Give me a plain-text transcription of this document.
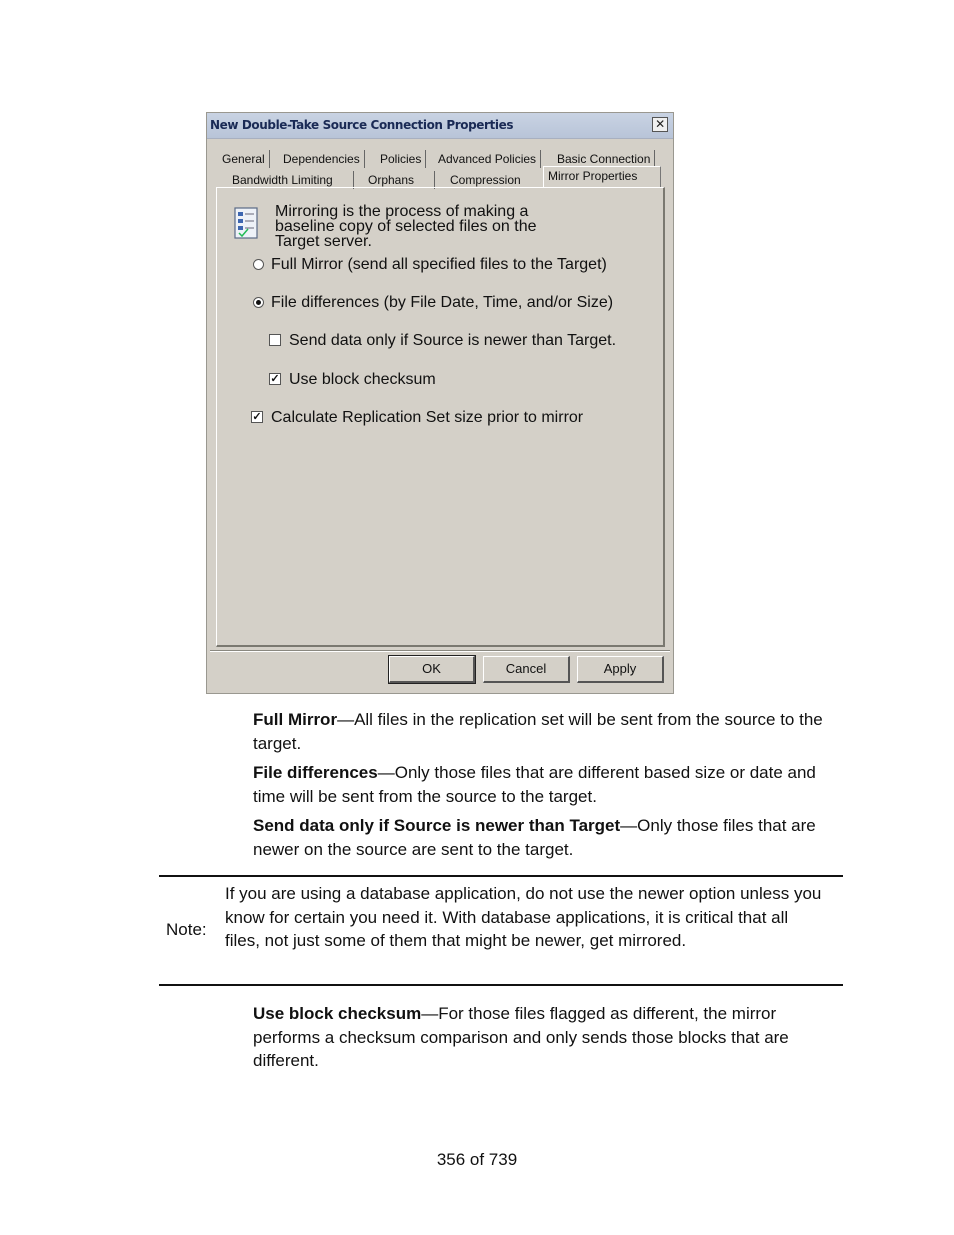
New Double-Take Source Connection Properties	✕
General	Dependencies	Policies	Advanced Policies	Basic Connection
Bandwidth Limiting	Orphans	Compression	Mirror Properties
Mirroring is the process of making a baseline copy of selected files on the Target server.
Full Mirror (send all specified files to the Target)
File differences (by File Date, Time, and/or Size)
Send data only if Source is newer than Target.
✓ Use block checksum
✓ Calculate Replication Set size prior to mirror
OK	Cancel	Apply
Full Mirror—All files in the replication set will be sent from the source to the target.
File differences—Only those files that are different based size or date and time will be sent from the source to the target.
Send data only if Source is newer than Target—Only those files that are newer on the source are sent to the target.
Note:
If you are using a database application, do not use the newer option unless you know for certain you need it. With database applications, it is critical that all files, not just some of them that might be newer, get mirrored.
Use block checksum—For those files flagged as different, the mirror performs a checksum comparison and only sends those blocks that are different.
356 of 739
